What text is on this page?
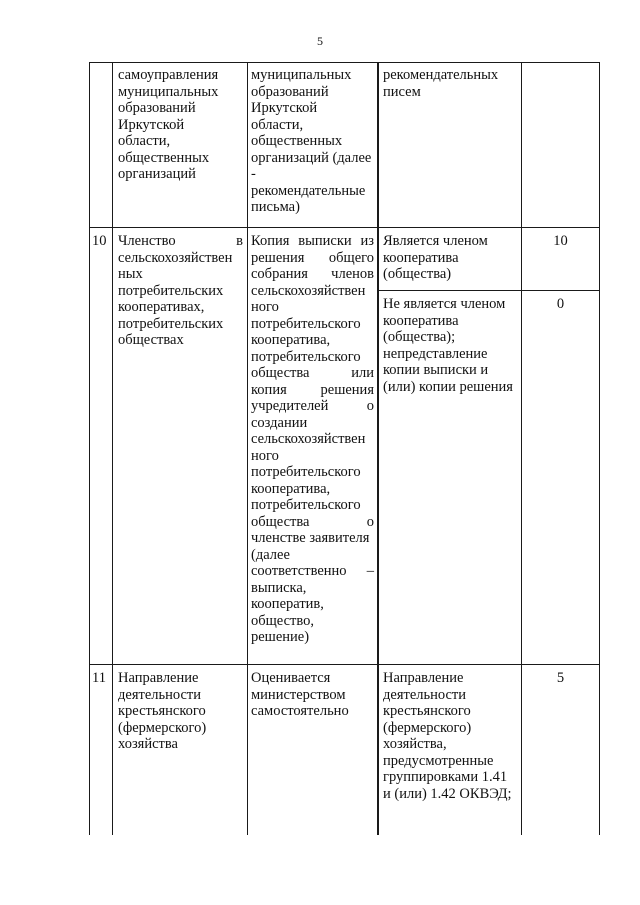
5
самоуправления
муниципальных
образований
Иркутской
области,
общественных
организаций
муниципальных
образований
Иркутской
области,
общественных
организаций (далее
-
рекомендательные
письма)
рекомендательных
писем
10 Членство	в
сельскохозяйствен
ных
потребительских
кооперативах,
потребительских
обществах
Копия выписки из
решения общего
собрания членов
сельскохозяйствен
ного
потребительского
кооператива,
потребительского
общества или
копия решения
учредителей о
создании
сельскохозяйствен
ного
потребительского
кооператива,
потребительского
общества о
членстве заявителя
(далее
соответственно –
выписка,
кооператив,
общество,
решение)
Является членом
кооператива
(общества)
10
Не является членом
кооператива
(общества);
непредставление
копии выписки и
(или) копии решения
0
11 Направление
деятельности
крестьянского
(фермерского)
хозяйства
Оценивается
министерством
самостоятельно
Направление
деятельности
крестьянского
(фермерского)
хозяйства,
предусмотренные
группировками 1.41
и (или) 1.42 ОКВЭД;
5
